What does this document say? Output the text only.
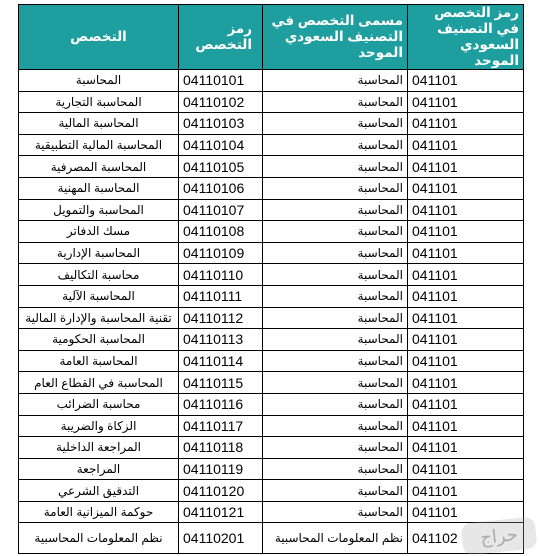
التخصص	رمز التخصص	مسمى التخصص في التصنيف السعودي الموحد	رمز التخصص في التصنيف السعودي الموحد
المحاسبة	04110101	المحاسبة	041101
المحاسبة التجارية	04110102	المحاسبة	041101
المحاسبة المالية	04110103	المحاسبة	041101
المحاسبة المالية التطبيقية	04110104	المحاسبة	041101
المحاسبة المصرفية	04110105	المحاسبة	041101
المحاسبة المهنية	04110106	المحاسبة	041101
المحاسبة والتمويل	04110107	المحاسبة	041101
مسك الدفاتر	04110108	المحاسبة	041101
المحاسبة الإدارية	04110109	المحاسبة	041101
محاسبة التكاليف	04110110	المحاسبة	041101
المحاسبة الآلية	04110111	المحاسبة	041101
تقنية المحاسبة والإدارة المالية	04110112	المحاسبة	041101
المحاسبة الحكومية	04110113	المحاسبة	041101
المحاسبة العامة	04110114	المحاسبة	041101
المحاسبة في القطاع العام	04110115	المحاسبة	041101
محاسبة الضرائب	04110116	المحاسبة	041101
الزكاة والضريبة	04110117	المحاسبة	041101
المراجعة الداخلية	04110118	المحاسبة	041101
المراجعة	04110119	المحاسبة	041101
التدقيق الشرعي	04110120	المحاسبة	041101
حوكمة الميزانية العامة	04110121	المحاسبة	041101
نظم المعلومات المحاسبية	04110201	نظم المعلومات المحاسبية	041102	حراج
